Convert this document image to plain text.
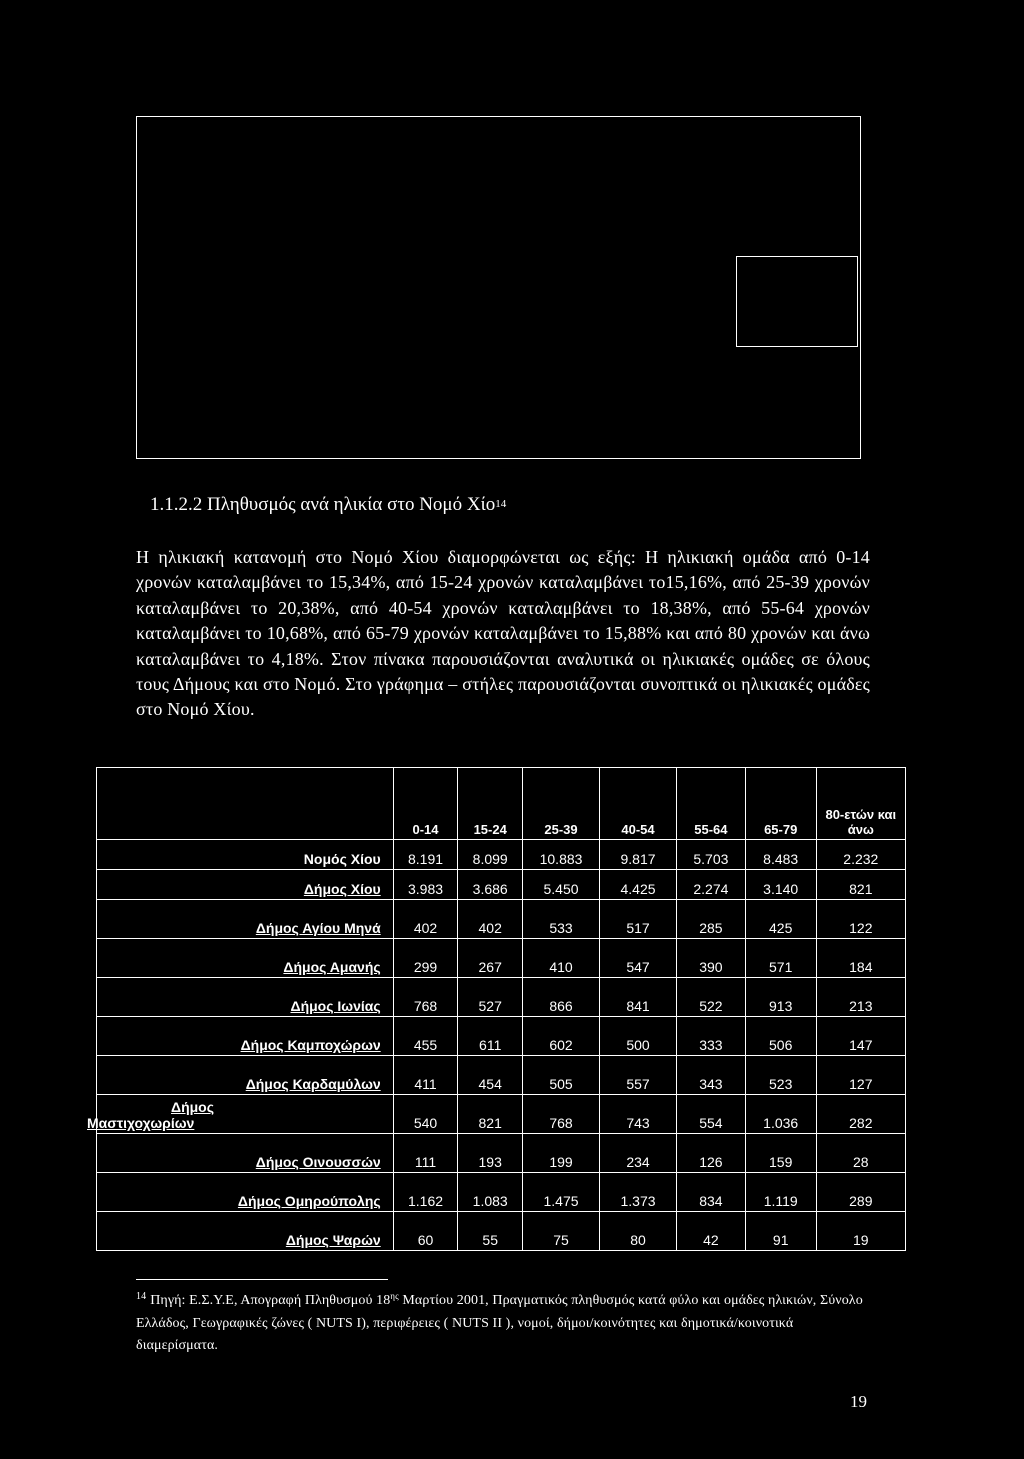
1.1.2.2 Πληθυσμός ανά ηλικία στο Νομό Χίο$^{14}$

Η ηλικιακή κατανομή στο Νομό Χίου διαμορφώνεται ως εξής: Η ηλικιακή ομάδα από 0-14 χρονών καταλαμβάνει το 15,34%, από 15-24 χρονών καταλαμβάνει το15,16%, από 25-39 χρονών καταλαμβάνει το 20,38%, από 40-54 χρονών καταλαμβάνει το 18,38%, από 55-64 χρονών καταλαμβάνει το 10,68%, από 65-79 χρονών καταλαμβάνει το 15,88% και από 80 χρονών και άνω καταλαμβάνει το 4,18%. Στον πίνακα παρουσιάζονται αναλυτικά οι ηλικιακές ομάδες σε όλους τους Δήμους και στο Νομό. Στο γράφημα – στήλες παρουσιάζονται συνοπτικά οι ηλικιακές ομάδες στο Νομό Χίου.

	0-14	15-24	25-39	40-54	55-64	65-79	80-ετών και άνω
Νομός Χίου	8.191	8.099	10.883	9.817	5.703	8.483	2.232
Δήμος Χίου	3.983	3.686	5.450	4.425	2.274	3.140	821
Δήμος Αγίου Μηνά	402	402	533	517	285	425	122
Δήμος Αμανής	299	267	410	547	390	571	184
Δήμος Ιωνίας	768	527	866	841	522	913	213
Δήμος Καμποχώρων	455	611	602	500	333	506	147
Δήμος Καρδαμύλων	411	454	505	557	343	523	127

Δήμος
Μαστιχοχωρίων	540	821	768	743	554	1.036	282
Δήμος Οινουσσών	111	193	199	234	126	159	28
Δήμος Ομηρούπολης	1.162	1.083	1.475	1.373	834	1.119	289
Δήμος Ψαρών	60	55	75	80	42	91	19
$^{14}$ Πηγή: Ε.Σ.Υ.Ε, Απογραφή Πληθυσμού $18^{\eta\varsigma}$ Μαρτίου 2001, Πραγματικός πληθυσμός κατά φύλο και ομάδες ηλικιών, Σύνολο Ελλάδος, Γεωγραφικές ζώνες ( NUTS I), περιφέρειες ( NUTS II ), νομοί, δήμοι/κοινότητες και δημοτικά/κοινοτικά διαμερίσματα.
19
